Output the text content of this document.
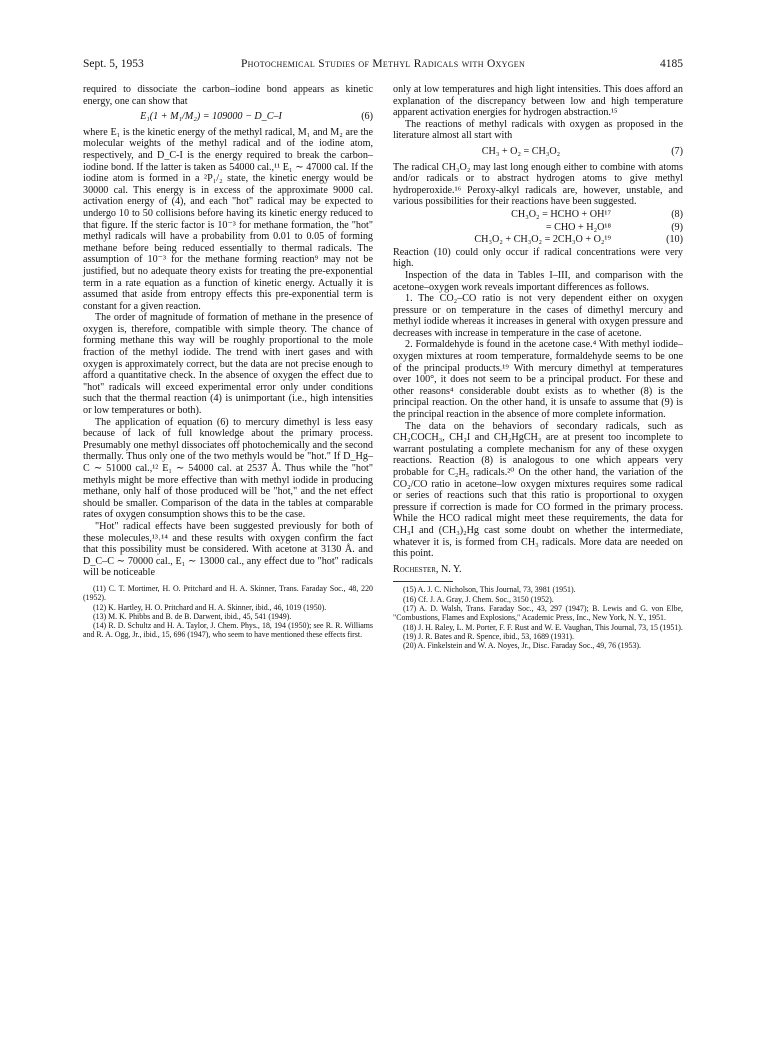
Sept. 5, 1953	Photochemical Studies of Methyl Radicals with Oxygen	4185

required to dissociate the carbon–iodine bond appears as kinetic energy, one can show that

E₁(1 + M₁/M₂) = 109000 − D_C–I	(6)

where E₁ is the kinetic energy of the methyl radical, M₁ and M₂ are the molecular weights of the methyl radical and of the iodine atom, respectively, and D_C-I is the energy required to break the carbon–iodine bond. If the latter is taken as 54000 cal.,¹¹ E₁ ∼ 47000 cal. If the iodine atom is formed in a ²P₁/₂ state, the kinetic energy would be 30000 cal. This energy is in excess of the approximate 9000 cal. activation energy of (4), and each "hot" radical may be expected to undergo 10 to 50 collisions before having its kinetic energy reduced to that figure. If the steric factor is 10⁻³ for methane formation, the "hot" methyl radicals will have a probability from 0.01 to 0.05 of forming methane before being reduced essentially to thermal radicals. The assumption of 10⁻³ for the methane forming reaction⁹ may not be justified, but no adequate theory exists for treating the pre-exponential term in a rate equation as a function of kinetic energy. Actually it is assumed that aside from entropy effects this pre-exponential term is constant for a given reaction.

The order of magnitude of formation of methane in the presence of oxygen is, therefore, compatible with simple theory. The chance of forming methane this way will be roughly proportional to the mole fraction of the methyl iodide. The trend with inert gases and with oxygen is approximately correct, but the data are not precise enough to afford a quantitative check. In the absence of oxygen the effect due to "hot" radicals will exceed experimental error only under conditions such that the thermal reaction (4) is unimportant (i.e., high intensities or low temperatures or both).

The application of equation (6) to mercury dimethyl is less easy because of lack of full knowledge about the primary process. Presumably one methyl dissociates off photochemically and the second thermally. Thus only one of the two methyls would be "hot." If D_Hg–C ∼ 51000 cal.,¹² E₁ ∼ 54000 cal. at 2537 Å. Thus while the "hot" methyls might be more effective than with methyl iodide in producing methane, only half of those produced will be "hot," and the net effect should be smaller. Comparison of the data in the tables at comparable rates of oxygen consumption shows this to be the case.

"Hot" radical effects have been suggested previously for both of these molecules,¹³˒¹⁴ and these results with oxygen confirm the fact that this possibility must be considered. With acetone at 3130 Å. and D_C–C ∼ 70000 cal., E₁ ∼ 13000 cal., any effect due to "hot" radicals will be noticeable

(11) C. T. Mortimer, H. O. Pritchard and H. A. Skinner, Trans. Faraday Soc., 48, 220 (1952).

(12) K. Hartley, H. O. Pritchard and H. A. Skinner, ibid., 46, 1019 (1950).

(13) M. K. Phibbs and B. de B. Darwent, ibid., 45, 541 (1949).

(14) R. D. Schultz and H. A. Taylor, J. Chem. Phys., 18, 194 (1950); see R. R. Williams and R. A. Ogg, Jr., ibid., 15, 696 (1947), who seem to have mentioned these effects first.

only at low temperatures and high light intensities. This does afford an explanation of the discrepancy between low and high temperature apparent activation energies for hydrogen abstraction.¹⁵

The reactions of methyl radicals with oxygen as proposed in the literature almost all start with

CH₃ + O₂ = CH₃O₂	(7)

The radical CH₃O₂ may last long enough either to combine with atoms and/or radicals or to abstract hydrogen atoms to give methyl hydroperoxide.¹⁶ Peroxy-alkyl radicals are, however, unstable, and various possibilities for their reactions have been suggested.

CH₃O₂ = HCHO + OH¹⁷	(8)
= CHO + H₂O¹⁸	(9)
CH₃O₂ + CH₃O₂ = 2CH₃O + O₂¹⁹	(10)

Reaction (10) could only occur if radical concentrations were very high.

Inspection of the data in Tables I–III, and comparison with the acetone–oxygen work reveals important differences as follows.

1. The CO₂–CO ratio is not very dependent either on oxygen pressure or on temperature in the cases of dimethyl mercury and methyl iodide whereas it increases in general with oxygen pressure and decreases with increase in temperature in the case of acetone.

2. Formaldehyde is found in the acetone case.⁴ With methyl iodide–oxygen mixtures at room temperature, formaldehyde seems to be one of the principal products.¹⁹ With mercury dimethyl at temperatures over 100°, it does not seem to be a principal product. For these and other reasons⁴ considerable doubt exists as to whether (8) is the principal reaction. On the other hand, it is unsafe to assume that (9) is the principal reaction in the absence of more complete information.

The data on the behaviors of secondary radicals, such as CH₂COCH₃, CH₂I and CH₂HgCH₃ are at present too incomplete to warrant postulating a complete mechanism for any of these oxygen reactions. Reaction (8) is analogous to one which appears very probable for C₂H₅ radicals.²⁰ On the other hand, the variation of the CO₂/CO ratio in acetone–low oxygen mixtures requires some radical or series of reactions such that this ratio is proportional to oxygen pressure if correction is made for CO formed in the primary process. While the HCO radical might meet these requirements, the data for CH₃I and (CH₃)₂Hg cast some doubt on whether the intermediate, whatever it is, is formed from CH₃ radicals. More data are needed on this point.

Rochester, N. Y.

(15) A. J. C. Nicholson, This Journal, 73, 3981 (1951).

(16) Cf. J. A. Gray, J. Chem. Soc., 3150 (1952).

(17) A. D. Walsh, Trans. Faraday Soc., 43, 297 (1947); B. Lewis and G. von Elbe, "Combustions, Flames and Explosions," Academic Press, Inc., New York, N. Y., 1951.

(18) J. H. Raley, L. M. Porter, F. F. Rust and W. E. Vaughan, This Journal, 73, 15 (1951).

(19) J. R. Bates and R. Spence, ibid., 53, 1689 (1931).

(20) A. Finkelstein and W. A. Noyes, Jr., Disc. Faraday Soc., 49, 76 (1953).
